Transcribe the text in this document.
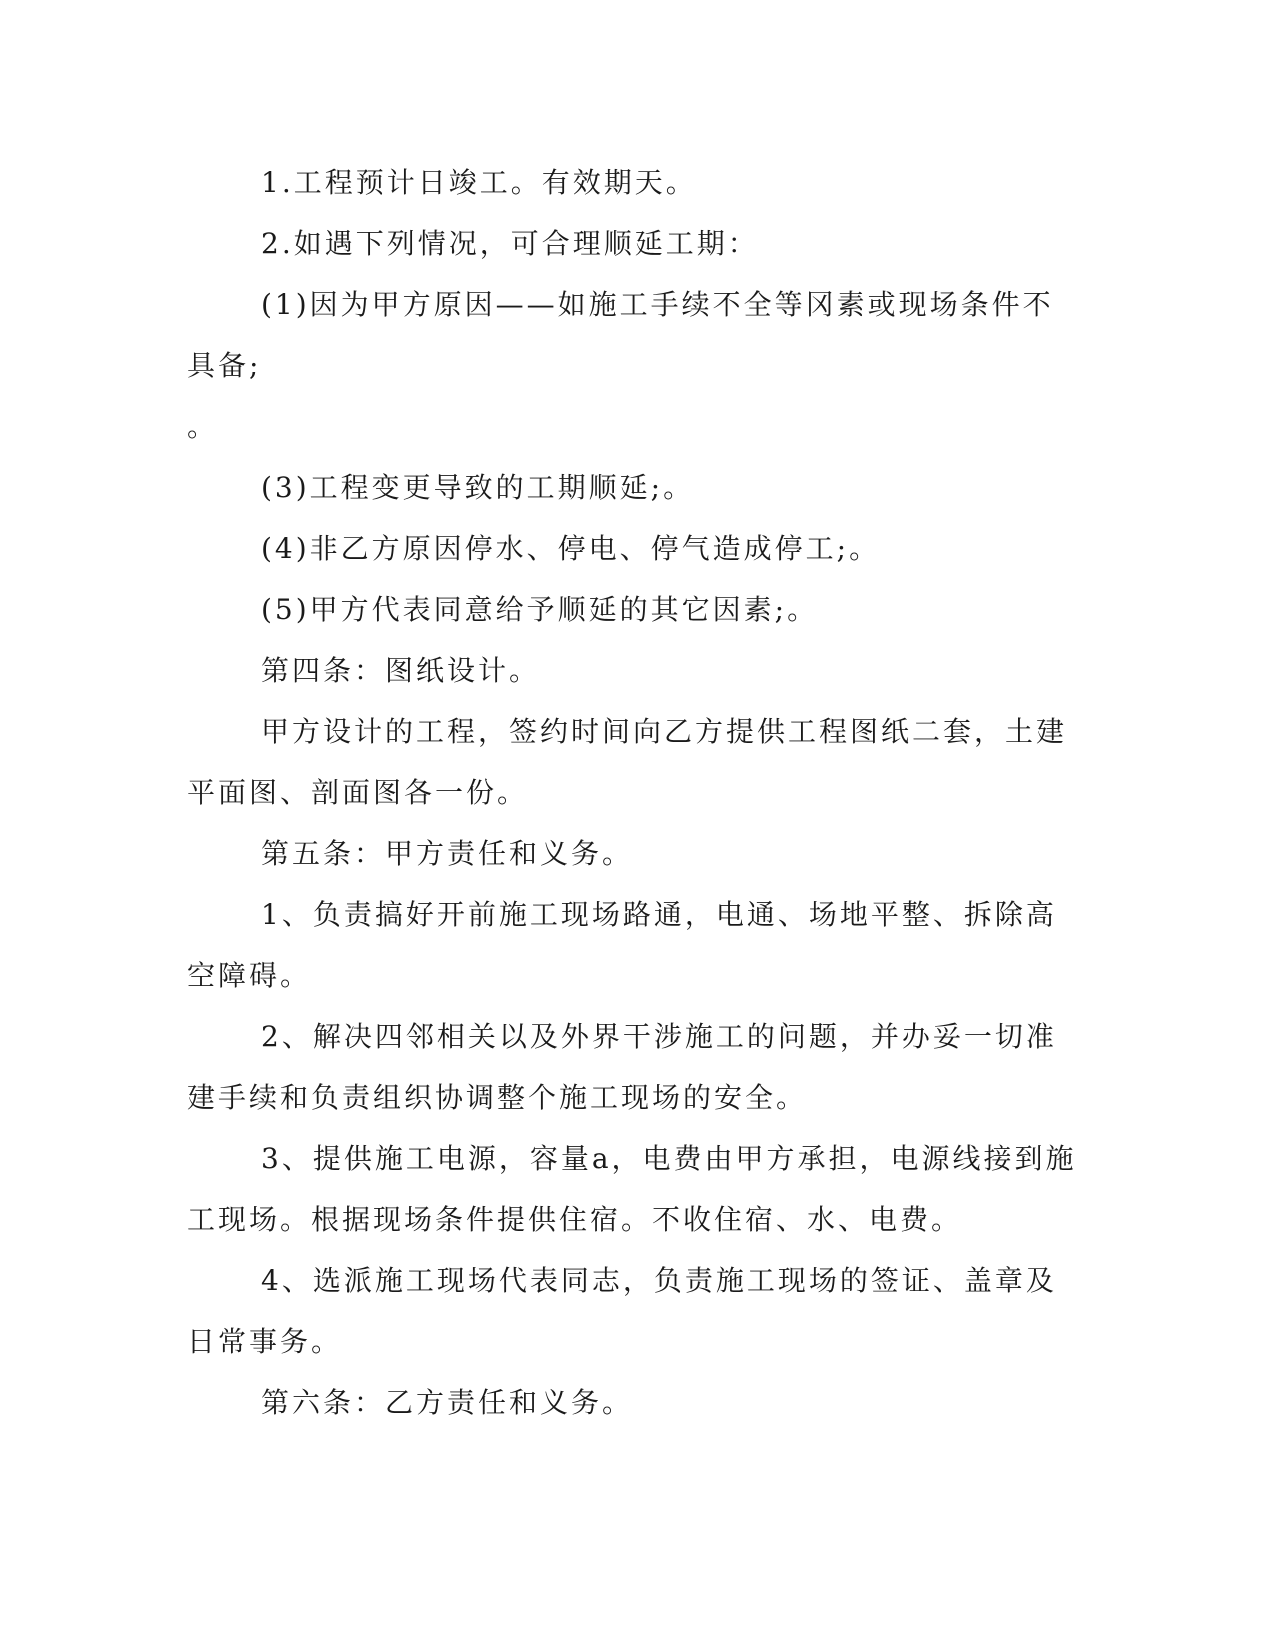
1.工程预计日竣工。有效期天。

2.如遇下列情况，可合理顺延工期：

(1)因为甲方原因——如施工手续不全等冈素或现场条件不具备;

。

(3)工程变更导致的工期顺延;。

(4)非乙方原因停水、停电、停气造成停工;。

(5)甲方代表同意给予顺延的其它因素;。

第四条：图纸设计。

甲方设计的工程，签约时间向乙方提供工程图纸二套，土建平面图、剖面图各一份。

第五条：甲方责任和义务。

1、负责搞好开前施工现场路通，电通、场地平整、拆除高空障碍。

2、解决四邻相关以及外界干涉施工的问题，并办妥一切准建手续和负责组织协调整个施工现场的安全。

3、提供施工电源，容量a，电费由甲方承担，电源线接到施工现场。根据现场条件提供住宿。不收住宿、水、电费。

4、选派施工现场代表同志，负责施工现场的签证、盖章及日常事务。

第六条：乙方责任和义务。
